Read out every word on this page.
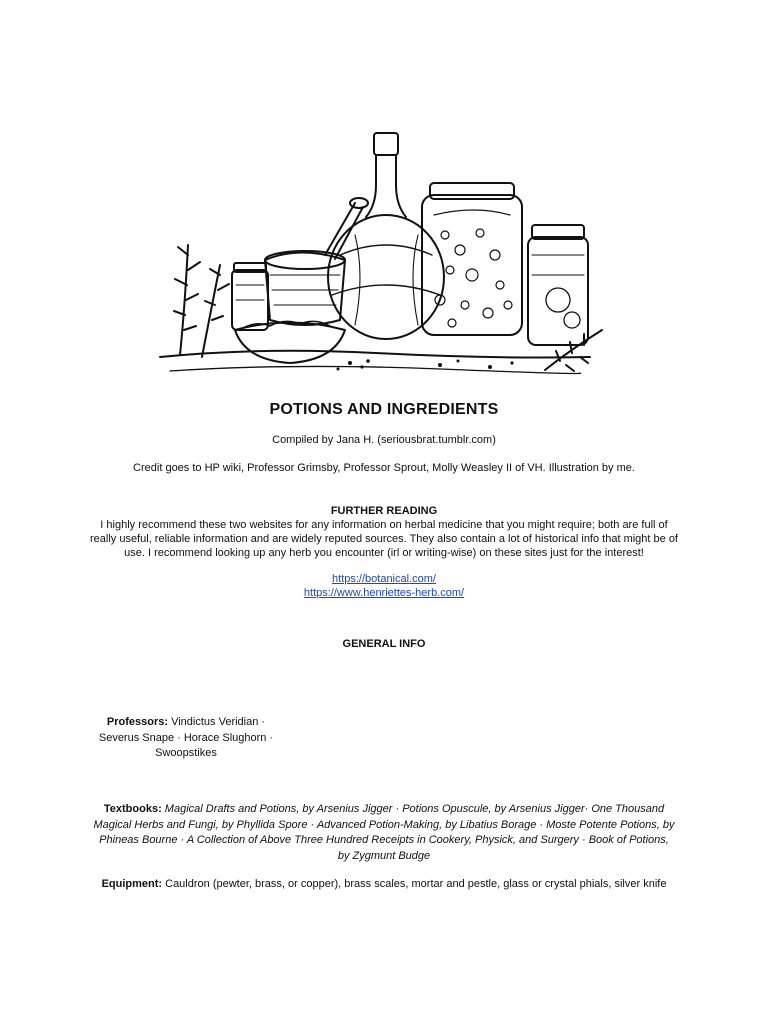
POTIONS AND INGREDIENTS
Compiled by Jana H. (seriousbrat.tumblr.com)
Credit goes to HP wiki, Professor Grimsby, Professor Sprout, Molly Weasley II of VH. Illustration by me.
FURTHER READING
I highly recommend these two websites for any information on herbal medicine that you might require; both are full of really useful, reliable information and are widely reputed sources. They also contain a lot of historical info that might be of use. I recommend looking up any herb you encounter (irl or writing-wise) on these sites just for the interest!
https://botanical.com/
https://www.henriettes-herb.com/
GENERAL INFO
Professors: Vindictus Veridian · Severus Snape · Horace Slughorn · Swoopstikes
Textbooks: Magical Drafts and Potions, by Arsenius Jigger · Potions Opuscule, by Arsenius Jigger· One Thousand Magical Herbs and Fungi, by Phyllida Spore · Advanced Potion-Making, by Libatius Borage · Moste Potente Potions, by Phineas Bourne · A Collection of Above Three Hundred Receipts in Cookery, Physick, and Surgery · Book of Potions, by Zygmunt Budge
Equipment: Cauldron (pewter, brass, or copper), brass scales, mortar and pestle, glass or crystal phials, silver knife
